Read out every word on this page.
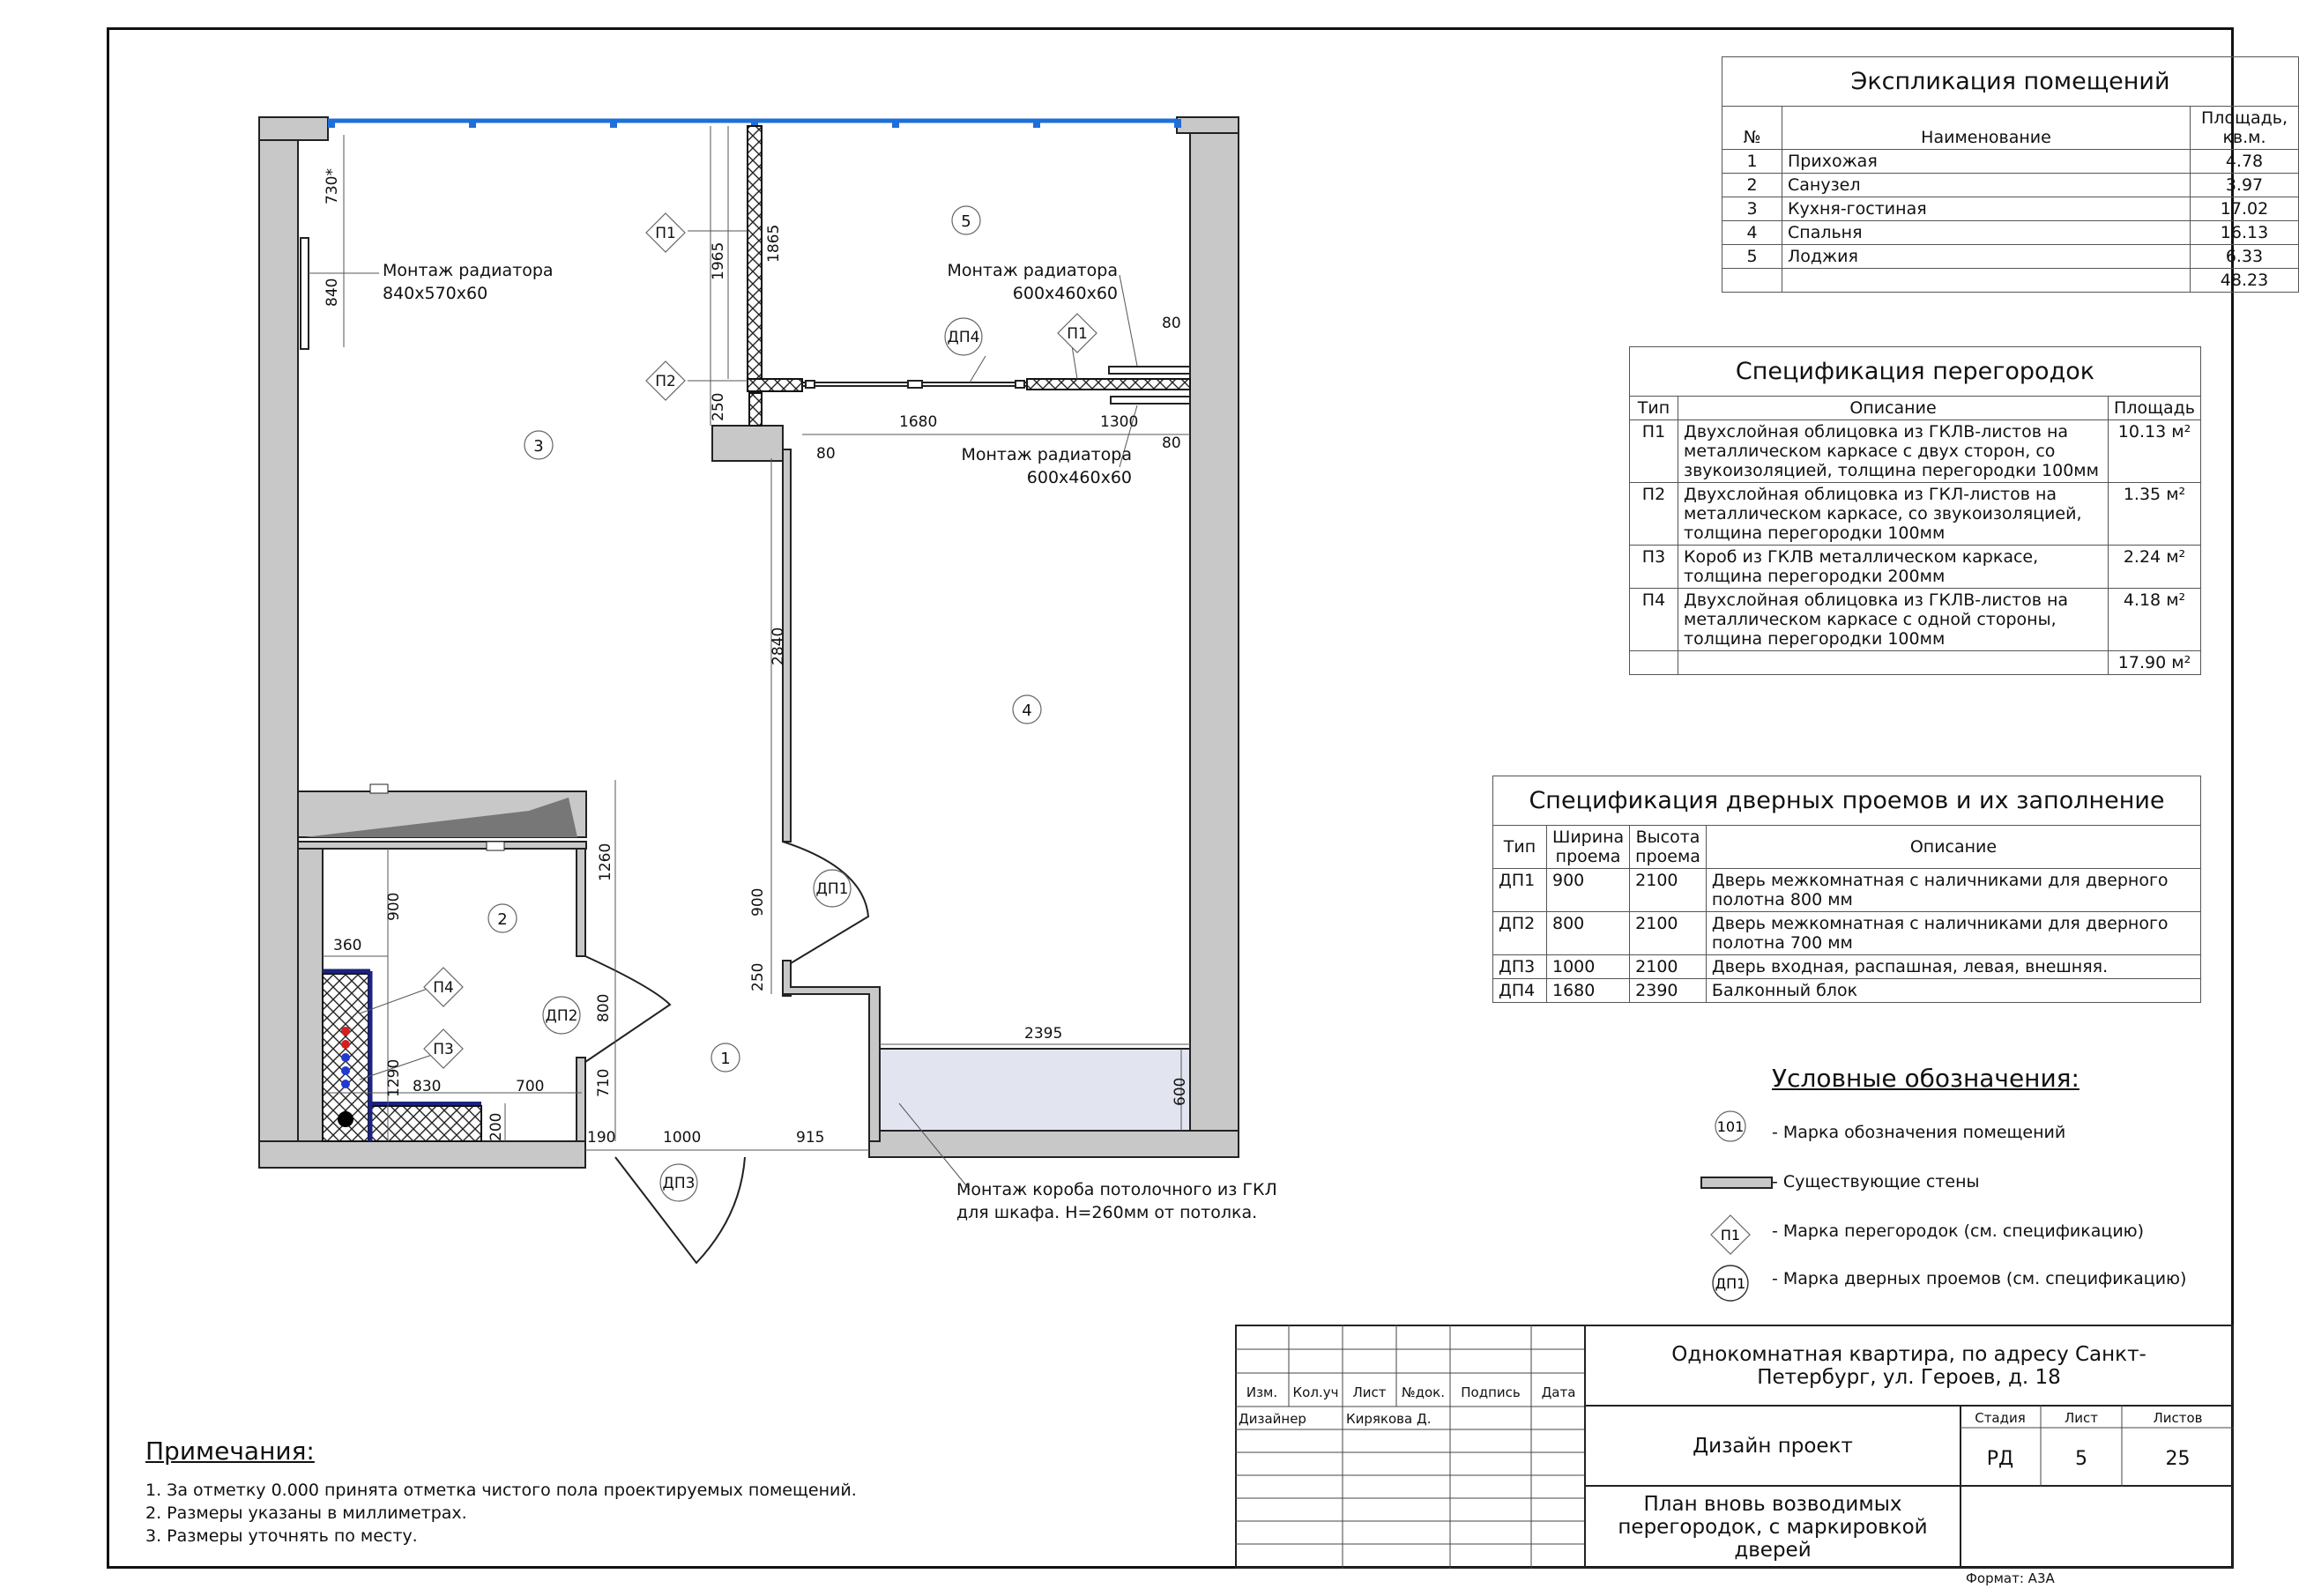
1
2
3
4
5
П1
П1
П2
П4
П3
ДП1
ДП2
ДП3
ДП4
Монтаж радиатора
840х570х60
Монтаж радиатора
600х460х60
Монтаж радиатора
600х460х60
Монтаж короба потолочного из ГКЛ
для шкафа. Н=260мм от потолка.
730*
840
1965	1865
250
1680	1300
80
80
80
2840
1260
900	900
360
800
250
2395
1290 830	700	710
200
600
190	1000	915
Экспликация помещений		
№	Наименование	Площадь, кв.м.
1	Прихожая	4.78
2	Санузел	3.97
3	Кухня-гостиная	17.02
4	Спальня	16.13
5	Лоджия	6.33
		48.23
Спецификация перегородок		
Тип	Описание	Площадь
П1	Двухслойная облицовка из ГКЛВ-листов на металлическом каркасе с двух сторон, со звукоизоляцией, толщина перегородки 100мм	10.13 м²
П2	Двухслойная облицовка из ГКЛ-листов на металлическом каркасе, со звукоизоляцией, толщина перегородки 100мм	1.35 м²
П3	Короб из ГКЛВ металлическом каркасе, толщина перегородки 200мм	2.24 м²
П4	Двухслойная облицовка из ГКЛВ-листов на металлическом каркасе с одной стороны, толщина перегородки 100мм	4.18 м²
		17.90 м²
Спецификация дверных проемов и их заполнение			
Тип	Ширина проема	Высота проема	Описание
ДП1	900	2100	Дверь межкомнатная с наличниками для дверного полотна 800 мм
ДП2	800	2100	Дверь межкомнатная с наличниками для дверного полотна 700 мм
ДП3	1000	2100	Дверь входная, распашная, левая, внешняя.
ДП4	1680	2390	Балконный блок
Условные обозначения:
101
П1
ДП1
- Марка обозначения помещений
- Существующие стены
- Марка перегородок (см. спецификацию)
- Марка дверных проемов (см. спецификацию)
Примечания:
1. За отметку 0.000 принята отметка чистого пола проектируемых помещений.
2. Размеры указаны в миллиметрах.
3. Размеры уточнять по месту.
Изм.	Кол.уч	Лист	№док.	Подпись	Дата
Дизайнер	Кирякова Д.
Однокомнатная квартира, по адресу Санкт-Петербург, ул. Героев, д. 18
Дизайн проект
План вновь возводимых перегородок, с маркировкой дверей
Стадия	Лист	Листов
РД	5	25
Формат: А3А
